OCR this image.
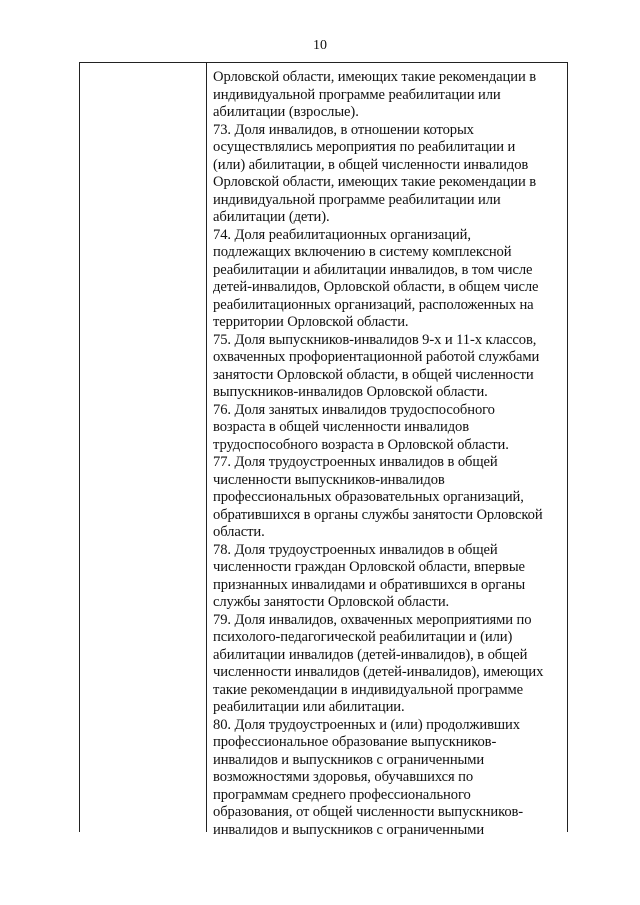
10
Орловской области, имеющих такие рекомендации в
индивидуальной программе реабилитации или
абилитации (взрослые).
73. Доля инвалидов, в отношении которых
осуществлялись мероприятия по реабилитации и
(или) абилитации, в общей численности инвалидов
Орловской области, имеющих такие рекомендации в
индивидуальной программе реабилитации или
абилитации (дети).
74. Доля реабилитационных организаций,
подлежащих включению в систему комплексной
реабилитации и абилитации инвалидов, в том числе
детей-инвалидов, Орловской области, в общем числе
реабилитационных организаций, расположенных на
территории Орловской области.
75. Доля выпускников-инвалидов 9-х и 11-х классов,
охваченных профориентационной работой службами
занятости Орловской области, в общей численности
выпускников-инвалидов Орловской области.
76. Доля занятых инвалидов трудоспособного
возраста в общей численности инвалидов
трудоспособного возраста в Орловской области.
77. Доля трудоустроенных инвалидов в общей
численности выпускников-инвалидов
профессиональных образовательных организаций,
обратившихся в органы службы занятости Орловской
области.
78. Доля трудоустроенных инвалидов в общей
численности граждан Орловской области, впервые
признанных инвалидами и обратившихся в органы
службы занятости Орловской области.
79. Доля инвалидов, охваченных мероприятиями по
психолого-педагогической реабилитации и (или)
абилитации инвалидов (детей-инвалидов), в общей
численности инвалидов (детей-инвалидов), имеющих
такие рекомендации в индивидуальной программе
реабилитации или абилитации.
80. Доля трудоустроенных и (или) продолживших
профессиональное образование выпускников-
инвалидов и выпускников с ограниченными
возможностями здоровья, обучавшихся по
программам среднего профессионального
образования, от общей численности выпускников-
инвалидов и выпускников с ограниченными
